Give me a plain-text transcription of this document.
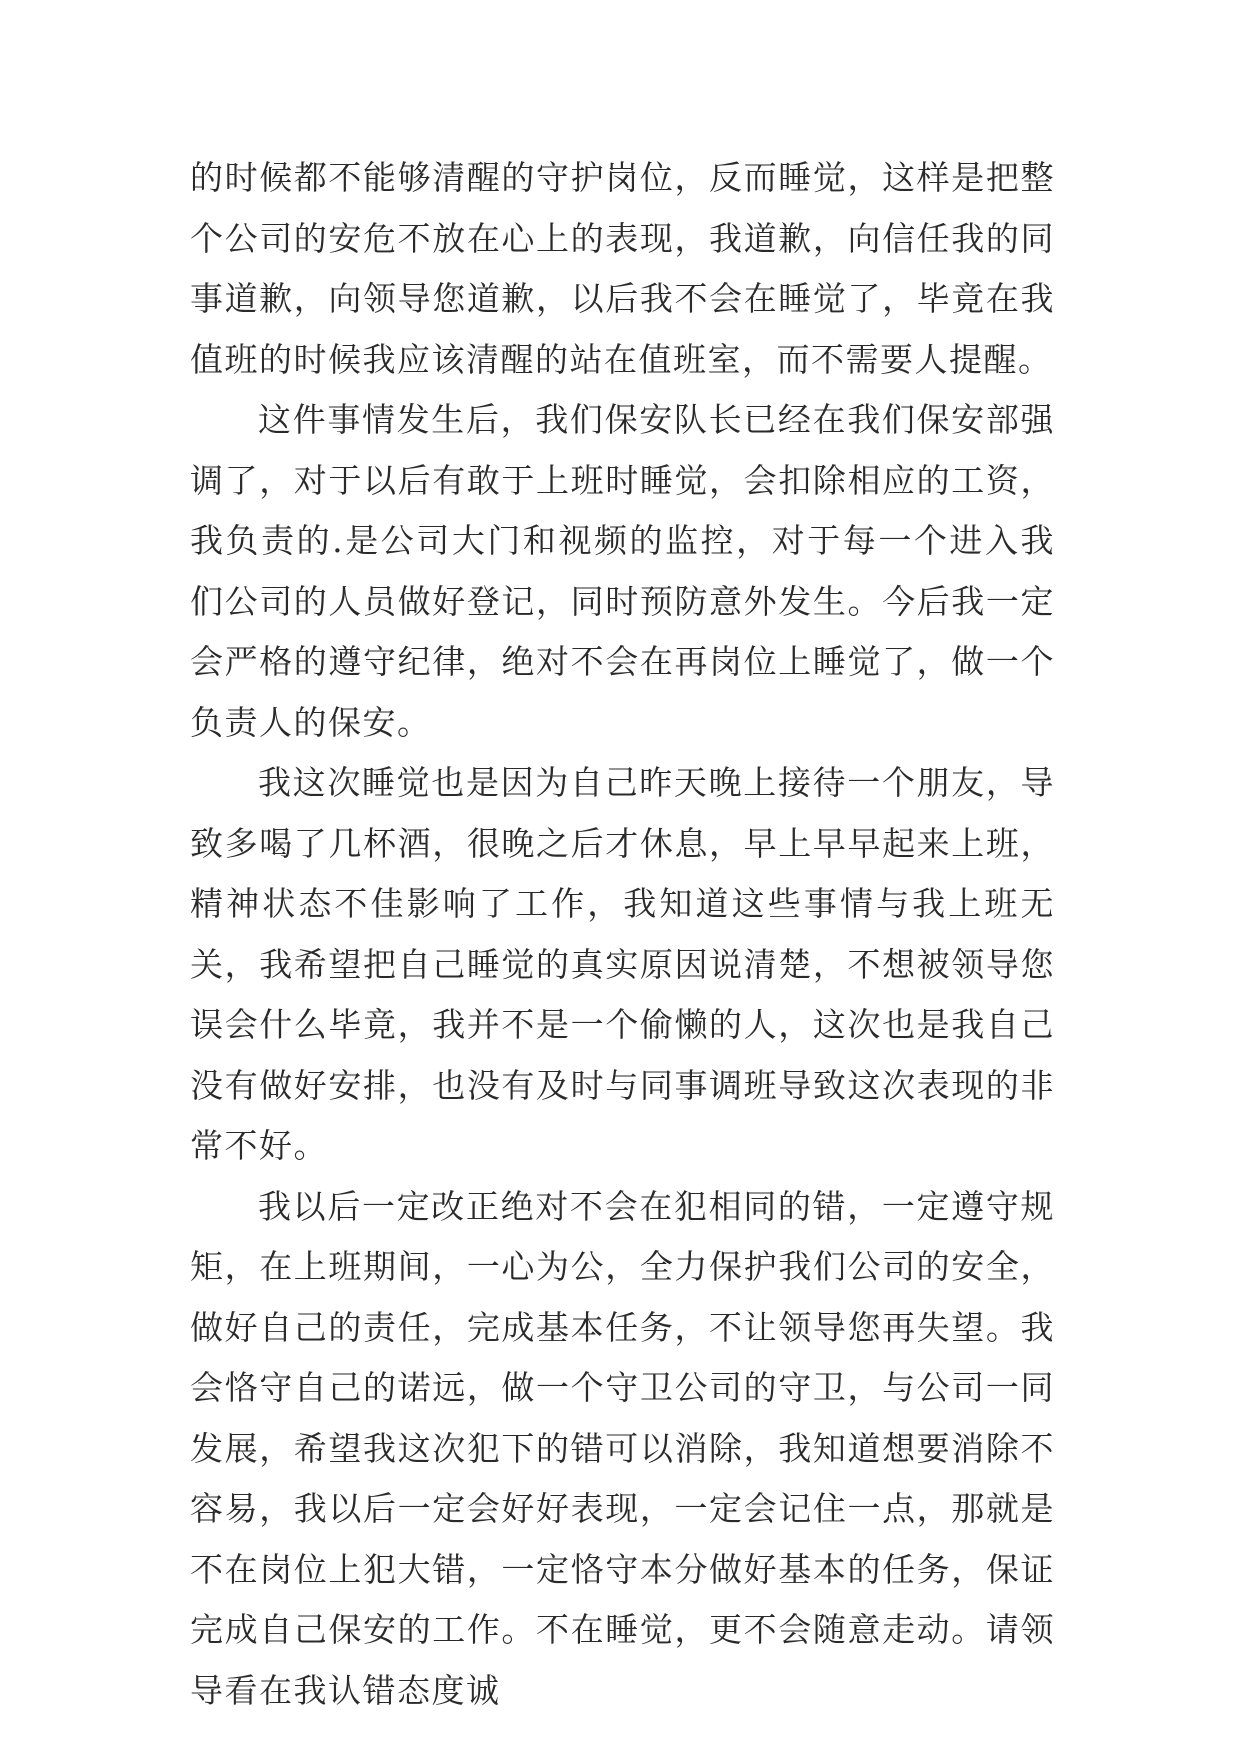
的时候都不能够清醒的守护岗位，反而睡觉，这样是把整个公司的安危不放在心上的表现，我道歉，向信任我的同事道歉，向领导您道歉，以后我不会在睡觉了，毕竟在我值班的时候我应该清醒的站在值班室，而不需要人提醒。

这件事情发生后，我们保安队长已经在我们保安部强调了，对于以后有敢于上班时睡觉，会扣除相应的工资，我负责的.是公司大门和视频的监控，对于每一个进入我们公司的人员做好登记，同时预防意外发生。今后我一定会严格的遵守纪律，绝对不会在再岗位上睡觉了，做一个负责人的保安。

我这次睡觉也是因为自己昨天晚上接待一个朋友，导致多喝了几杯酒，很晚之后才休息，早上早早起来上班，精神状态不佳影响了工作，我知道这些事情与我上班无关，我希望把自己睡觉的真实原因说清楚，不想被领导您误会什么毕竟，我并不是一个偷懒的人，这次也是我自己没有做好安排，也没有及时与同事调班导致这次表现的非常不好。

我以后一定改正绝对不会在犯相同的错，一定遵守规矩，在上班期间，一心为公，全力保护我们公司的安全，做好自己的责任，完成基本任务，不让领导您再失望。我会恪守自己的诺远，做一个守卫公司的守卫，与公司一同发展，希望我这次犯下的错可以消除，我知道想要消除不容易，我以后一定会好好表现，一定会记住一点，那就是不在岗位上犯大错，一定恪守本分做好基本的任务，保证完成自己保安的工作。不在睡觉，更不会随意走动。请领导看在我认错态度诚
